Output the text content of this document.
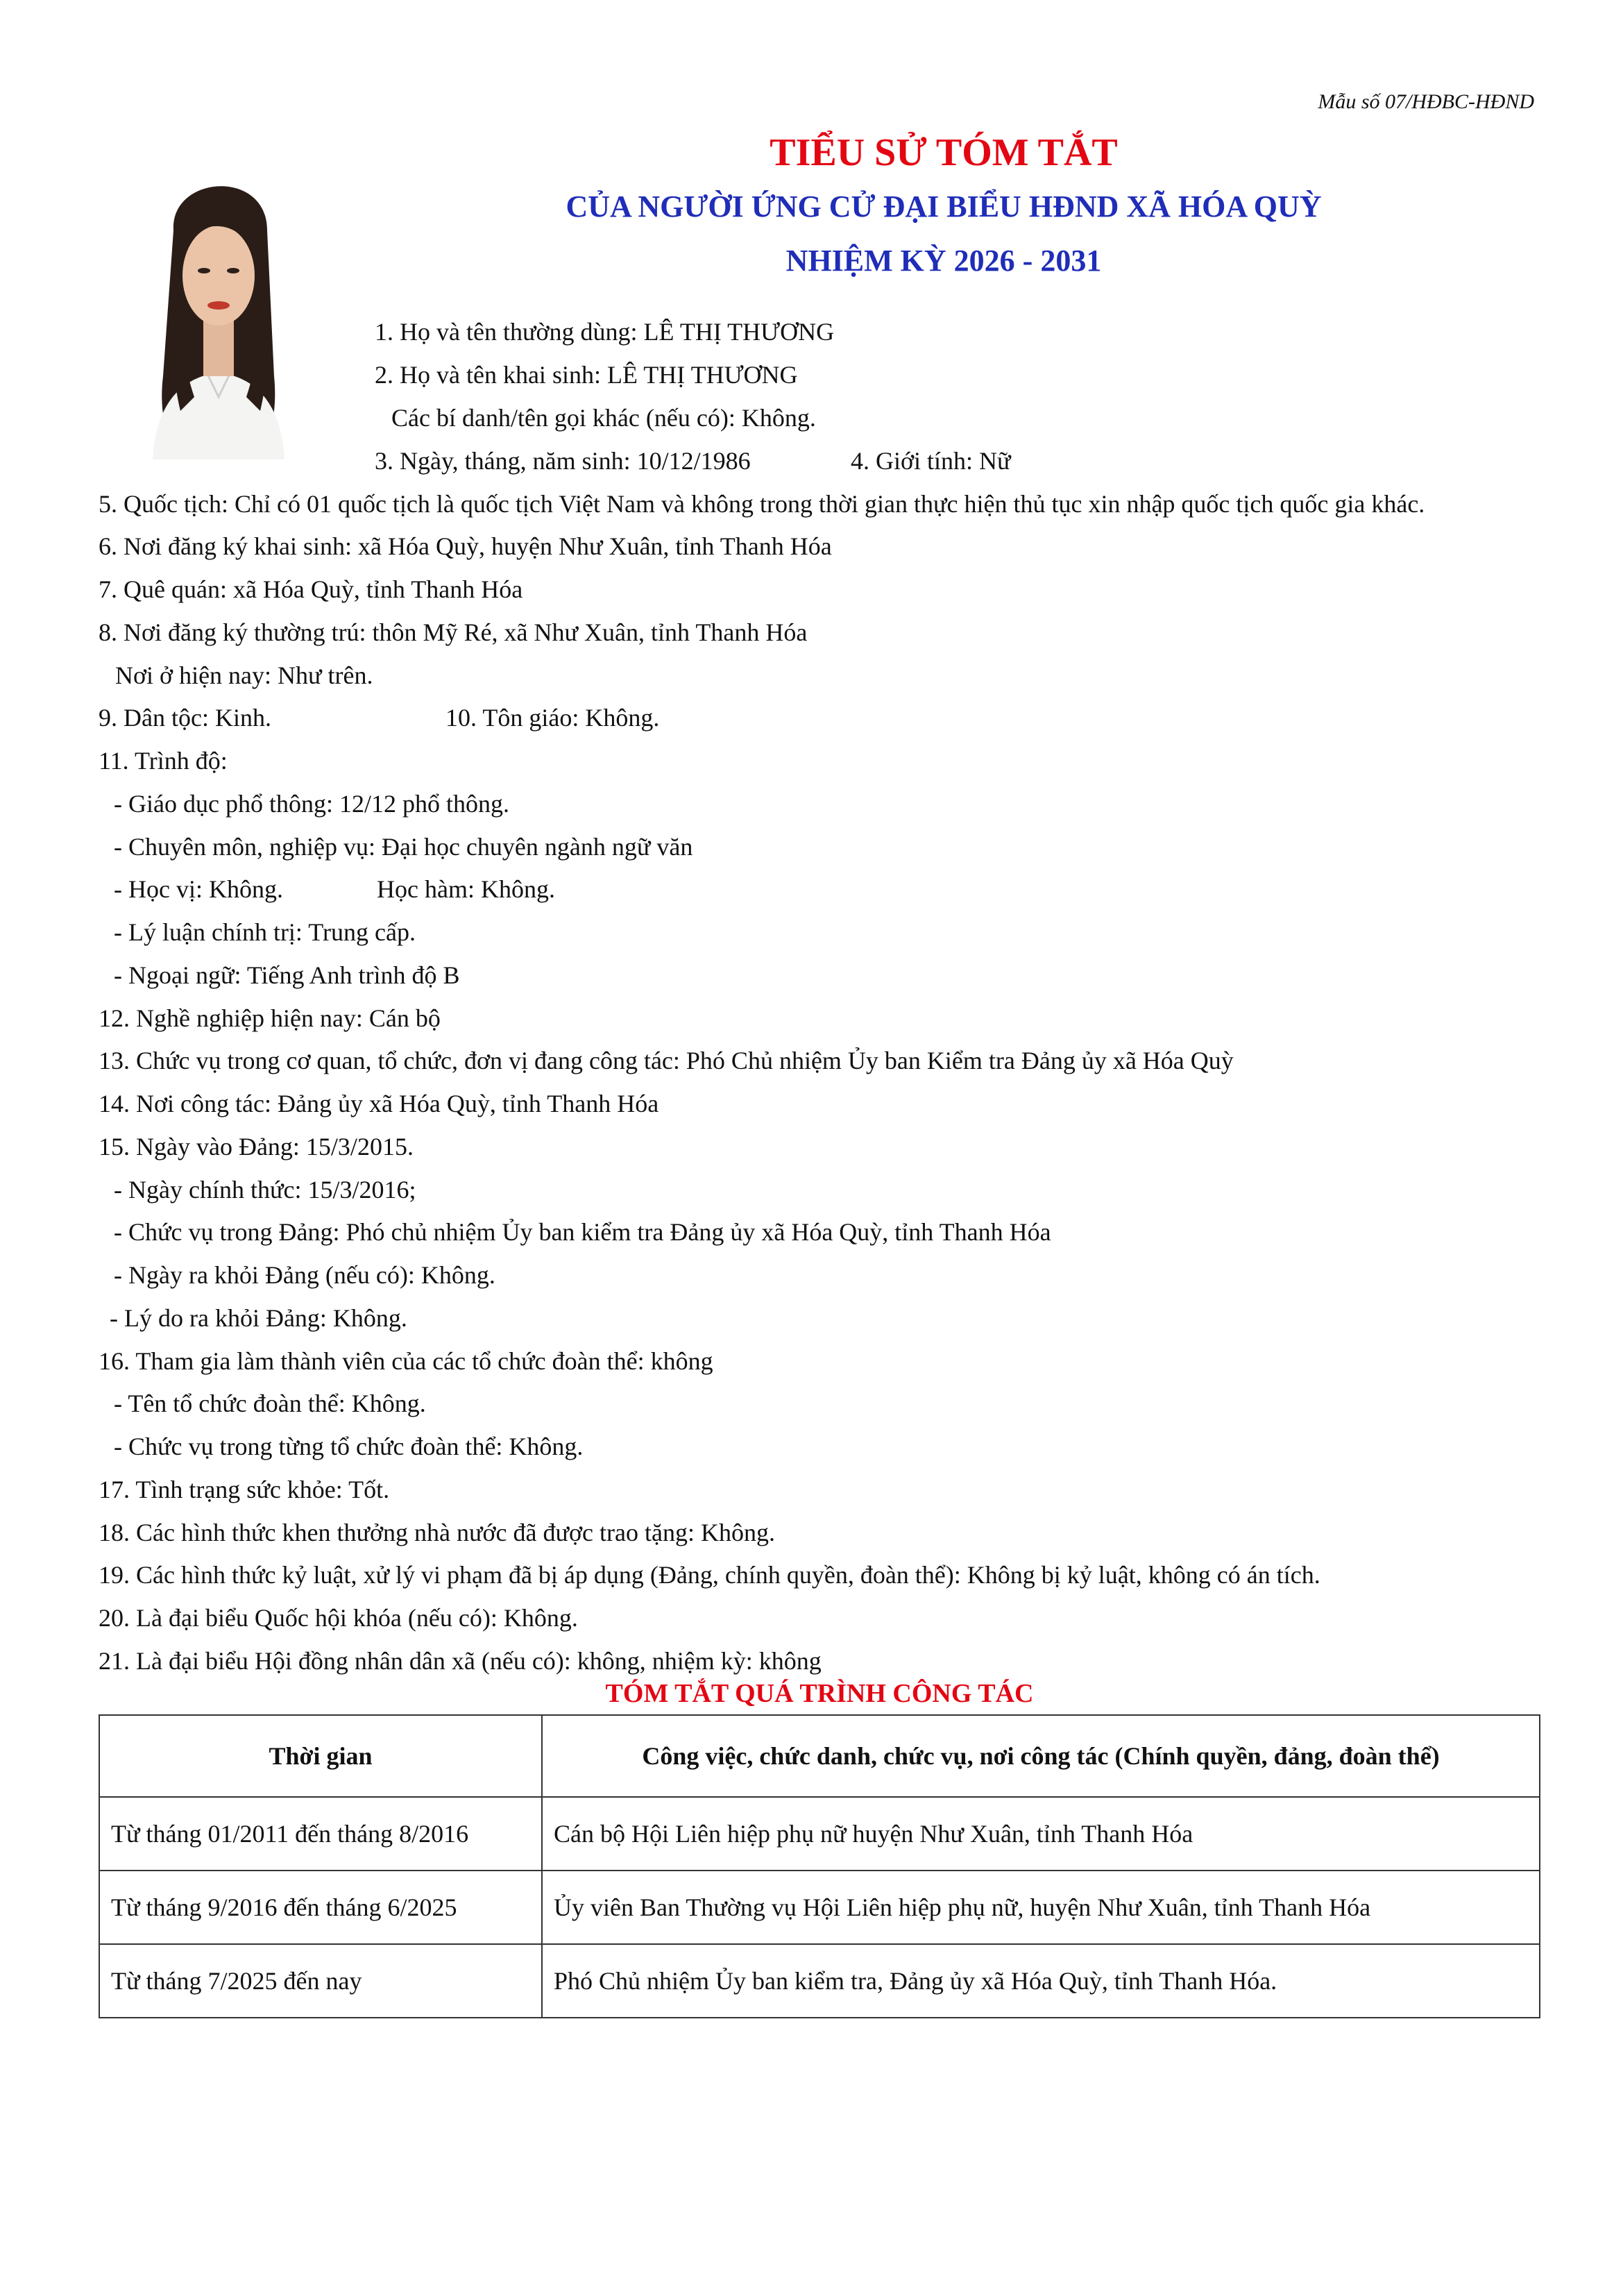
Mẫu số 07/HĐBC-HĐND
TIỂU SỬ TÓM TẮT
CỦA NGƯỜI ỨNG CỬ ĐẠI BIỂU HĐND XÃ HÓA QUỲ
NHIỆM KỲ 2026 - 2031
1. Họ và tên thường dùng: LÊ THỊ THƯƠNG
2. Họ và tên khai sinh: LÊ THỊ THƯƠNG
Các bí danh/tên gọi khác (nếu có): Không.
3. Ngày, tháng, năm sinh: 10/12/1986	4. Giới tính: Nữ
5. Quốc tịch: Chỉ có 01 quốc tịch là quốc tịch Việt Nam và không trong thời gian thực hiện thủ tục xin nhập quốc tịch quốc gia khác.
6. Nơi đăng ký khai sinh: xã Hóa Quỳ, huyện Như Xuân, tỉnh Thanh Hóa
7. Quê quán: xã Hóa Quỳ, tỉnh Thanh Hóa
8. Nơi đăng ký thường trú: thôn Mỹ Ré, xã Như Xuân, tỉnh Thanh Hóa
Nơi ở hiện nay: Như trên.
9. Dân tộc: Kinh.	10. Tôn giáo: Không.
11. Trình độ:
- Giáo dục phổ thông: 12/12 phổ thông.
- Chuyên môn, nghiệp vụ: Đại học chuyên ngành ngữ văn
- Học vị: Không.	Học hàm: Không.
- Lý luận chính trị: Trung cấp.
- Ngoại ngữ: Tiếng Anh trình độ B
12. Nghề nghiệp hiện nay: Cán bộ
13. Chức vụ trong cơ quan, tổ chức, đơn vị đang công tác: Phó Chủ nhiệm Ủy ban Kiểm tra Đảng ủy xã Hóa Quỳ
14. Nơi công tác: Đảng ủy xã Hóa Quỳ, tỉnh Thanh Hóa
15. Ngày vào Đảng: 15/3/2015.
- Ngày chính thức: 15/3/2016;
- Chức vụ trong Đảng: Phó chủ nhiệm Ủy ban kiểm tra Đảng ủy xã Hóa Quỳ, tỉnh Thanh Hóa
- Ngày ra khỏi Đảng (nếu có): Không.
- Lý do ra khỏi Đảng: Không.
16. Tham gia làm thành viên của các tổ chức đoàn thể: không
- Tên tổ chức đoàn thể: Không.
- Chức vụ trong từng tổ chức đoàn thể: Không.
17. Tình trạng sức khỏe: Tốt.
18. Các hình thức khen thưởng nhà nước đã được trao tặng: Không.
19. Các hình thức kỷ luật, xử lý vi phạm đã bị áp dụng (Đảng, chính quyền, đoàn thể): Không bị kỷ luật, không có án tích.
20. Là đại biểu Quốc hội khóa (nếu có): Không.
21. Là đại biểu Hội đồng nhân dân xã (nếu có): không, nhiệm kỳ: không
TÓM TẮT QUÁ TRÌNH CÔNG TÁC
Thời gian	Công việc, chức danh, chức vụ, nơi công tác (Chính quyền, đảng, đoàn thể)
Từ tháng 01/2011 đến tháng 8/2016	Cán bộ Hội Liên hiệp phụ nữ huyện Như Xuân, tỉnh Thanh Hóa
Từ tháng 9/2016 đến tháng 6/2025	Ủy viên Ban Thường vụ Hội Liên hiệp phụ nữ, huyện Như Xuân, tỉnh Thanh Hóa
Từ tháng 7/2025 đến nay	Phó Chủ nhiệm Ủy ban kiểm tra, Đảng ủy xã Hóa Quỳ, tỉnh Thanh Hóa.
